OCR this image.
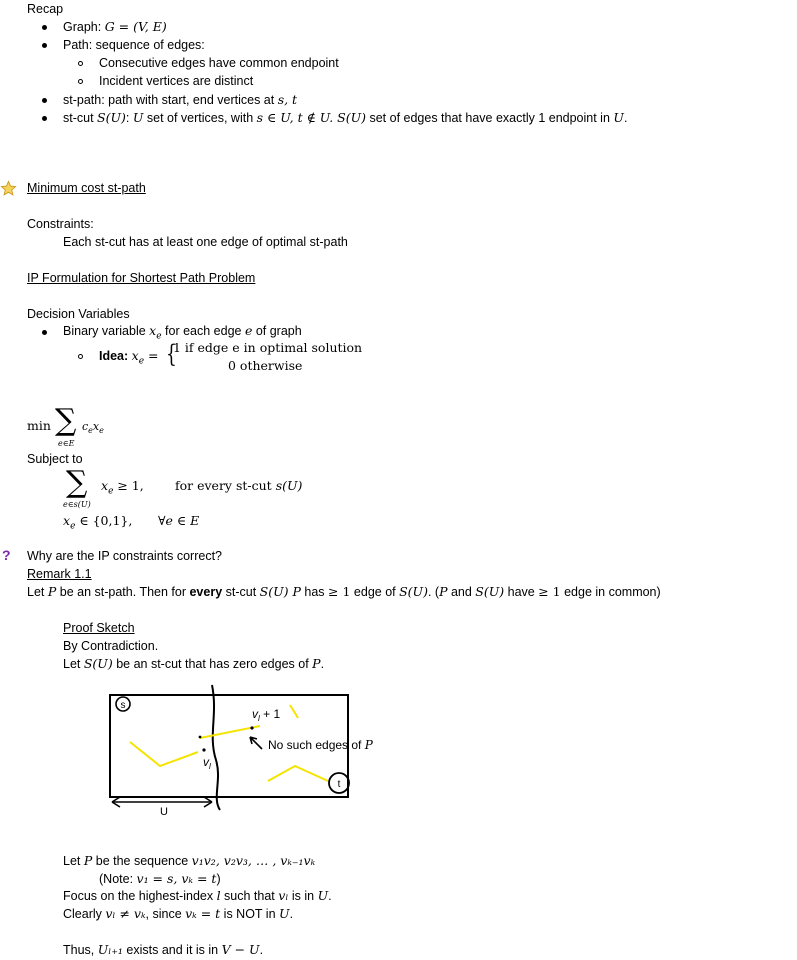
Recap
Graph: G = (V, E)
Path: sequence of edges:
Consecutive edges have common endpoint
Incident vertices are distinct
st-path: path with start, end vertices at s, t
st-cut S(U): U set of vertices, with s ∈ U, t ∉ U. S(U) set of edges that have exactly 1 endpoint in U.
Minimum cost st-path
Constraints:
Each st-cut has at least one edge of optimal st-path
IP Formulation for Shortest Path Problem
Decision Variables
Binary variable $x_e$ for each edge e of graph
Idea: $x_e$ = {
1 if edge e in optimal solution
0 otherwise
min ∑ $c_ex_e$
e∈E
Subject to
∑ $x_e \ge 1$,
e∈s(U)
for every st-cut s(U)
$x_e$ ∈ {0,1}, ∀e ∈ E
? Why are the IP constraints correct?
Remark 1.1
Let P be an st-path. Then for every st-cut S(U) P has ≥ 1 edge of S(U). (P and S(U) have ≥ 1 edge in common)
Proof Sketch
By Contradiction.
Let S(U) be an st-cut that has zero edges of P.
s
t
$v_l + 1$
$v_l$
No such edges of P
U
Let P be the sequence v₁v₂, v₂v₃, … , vₖ₋₁vₖ
(Note: v₁ = s, vₖ = t)
Focus on the highest-index l such that vₗ is in U.
Clearly vₗ ≠ vₖ, since vₖ = t is NOT in U.
Thus, Uₗ₊₁ exists and it is in V − U.
